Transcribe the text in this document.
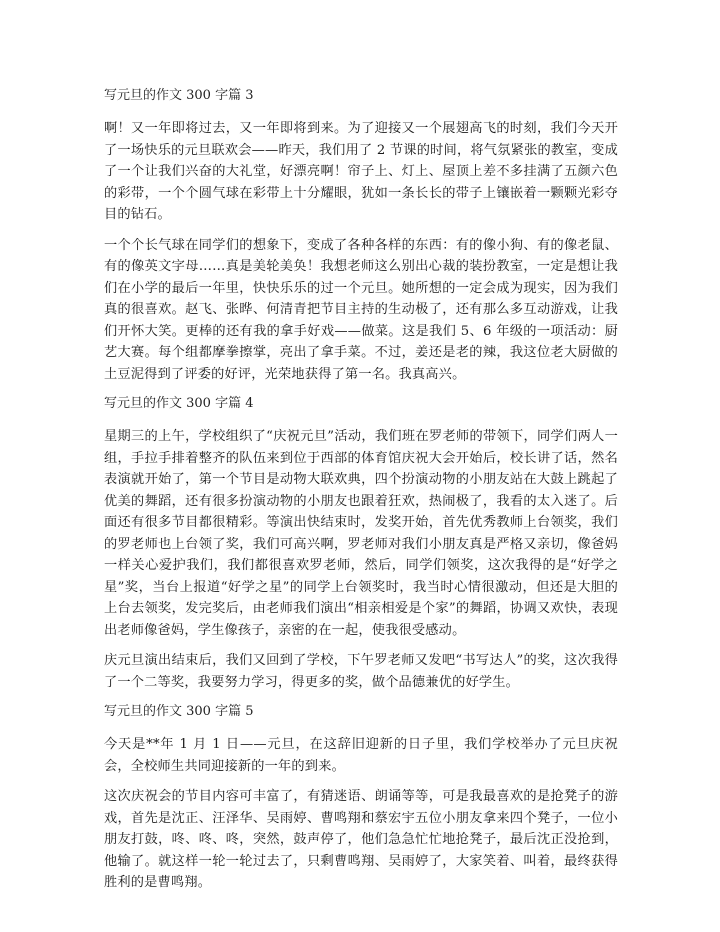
写元旦的作文 300 字篇 3

啊！又一年即将过去，又一年即将到来。为了迎接又一个展翅高飞的时刻，我们今天开了一场快乐的元旦联欢会——昨天，我们用了 2 节课的时间，将气氛紧张的教室，变成了一个让我们兴奋的大礼堂，好漂亮啊！帘子上、灯上、屋顶上差不多挂满了五颜六色的彩带，一个个圆气球在彩带上十分耀眼，犹如一条长长的带子上镶嵌着一颗颗光彩夺目的钻石。

一个个长气球在同学们的想象下，变成了各种各样的东西：有的像小狗、有的像老鼠、有的像英文字母……真是美轮美奂！我想老师这么别出心裁的装扮教室，一定是想让我们在小学的最后一年里，快快乐乐的过一个元旦。她所想的一定会成为现实，因为我们真的很喜欢。赵飞、张晔、何清青把节目主持的生动极了，还有那么多互动游戏，让我们开怀大笑。更棒的还有我的拿手好戏——做菜。这是我们 5、6 年级的一项活动：厨艺大赛。每个组都摩拳擦掌，亮出了拿手菜。不过，姜还是老的辣，我这位老大厨做的土豆泥得到了评委的好评，光荣地获得了第一名。我真高兴。

写元旦的作文 300 字篇 4

星期三的上午，学校组织了“庆祝元旦”活动，我们班在罗老师的带领下，同学们两人一组，手拉手排着整齐的队伍来到位于西部的体育馆庆祝大会开始后，校长讲了话，然名表演就开始了，第一个节目是动物大联欢典，四个扮演动物的小朋友站在大鼓上跳起了优美的舞蹈，还有很多扮演动物的小朋友也跟着狂欢，热闹极了，我看的太入迷了。后面还有很多节目都很精彩。等演出快结束时，发奖开始，首先优秀教师上台领奖，我们的罗老师也上台领了奖，我们可高兴啊，罗老师对我们小朋友真是严格又亲切，像爸妈一样关心爱护我们，我们都很喜欢罗老师，然后，同学们领奖，这次我得的是“好学之星”奖，当台上报道“好学之星”的同学上台领奖时，我当时心情很激动，但还是大胆的上台去领奖，发完奖后，由老师我们演出“相亲相爱是个家”的舞蹈，协调又欢快，表现出老师像爸妈，学生像孩子，亲密的在一起，使我很受感动。

庆元旦演出结束后，我们又回到了学校，下午罗老师又发吧“书写达人”的奖，这次我得了一个二等奖，我要努力学习，得更多的奖，做个品德兼优的好学生。

写元旦的作文 300 字篇 5

今天是**年 1 月 1 日——元旦，在这辞旧迎新的日子里，我们学校举办了元旦庆祝会，全校师生共同迎接新的一年的到来。

这次庆祝会的节目内容可丰富了，有猜迷语、朗诵等等，可是我最喜欢的是抢凳子的游戏，首先是沈正、汪泽华、吴雨婷、曹鸣翔和蔡宏宇五位小朋友拿来四个凳子，一位小朋友打鼓，咚、咚、咚，突然，鼓声停了，他们急急忙忙地抢凳子，最后沈正没抢到，他输了。就这样一轮一轮过去了，只剩曹鸣翔、吴雨婷了，大家笑着、叫着，最终获得胜利的是曹鸣翔。
